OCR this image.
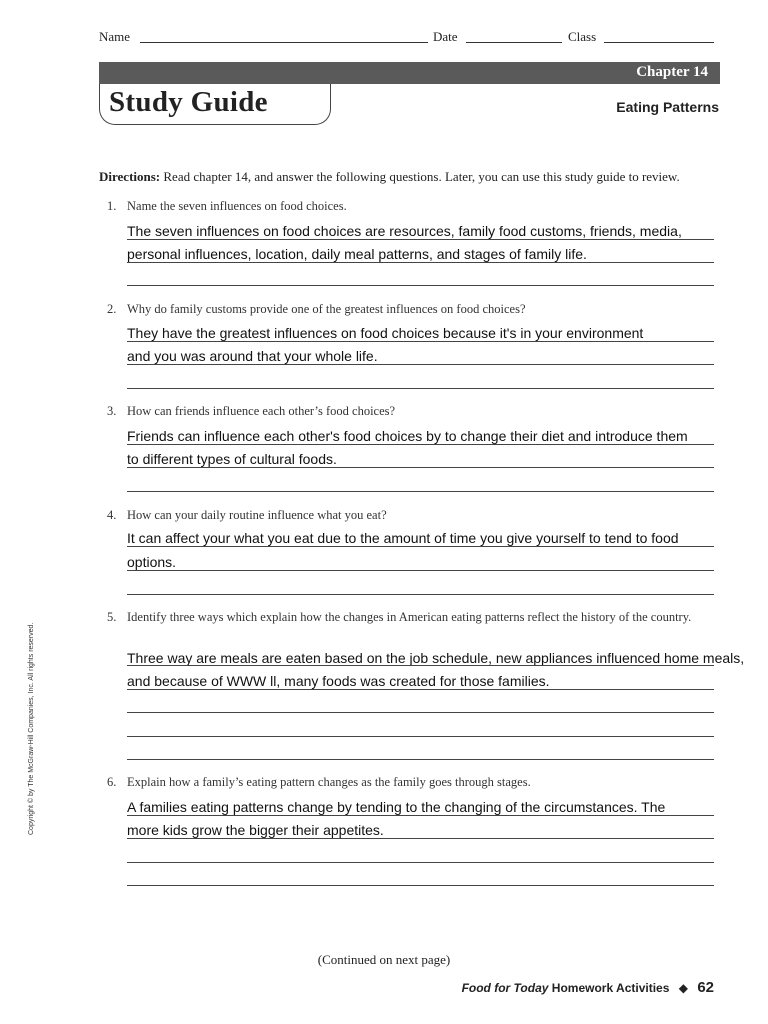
Name	Date	Class
Chapter 14
Study Guide	Eating Patterns
Directions: Read chapter 14, and answer the following questions. Later, you can use this study guide to review.
1. Name the seven influences on food choices.
The seven influences on food choices are resources, family food customs, friends, media,
personal influences, location, daily meal patterns, and stages of family life.
2. Why do family customs provide one of the greatest influences on food choices?
They have the greatest influences on food choices because it's in your environment
and you was around that your whole life.
3. How can friends influence each other’s food choices?
Friends can influence each other's food choices by to change their diet and introduce them
to different types of cultural foods.
4. How can your daily routine influence what you eat?
It can affect your what you eat due to the amount of time you give yourself to tend to food
options.
5. Identify three ways which explain how the changes in American eating patterns reflect the history of the country.
Three way are meals are eaten based on the job schedule, new appliances influenced home meals,
and because of WWW ll, many foods was created for those families.
6. Explain how a family’s eating pattern changes as the family goes through stages.
A families eating patterns change by tending to the changing of the circumstances. The
more kids grow the bigger their appetites.
Copyright © by The McGraw-Hill Companies, Inc. All rights reserved.
(Continued on next page)
Food for Today Homework Activities ◆ 62
